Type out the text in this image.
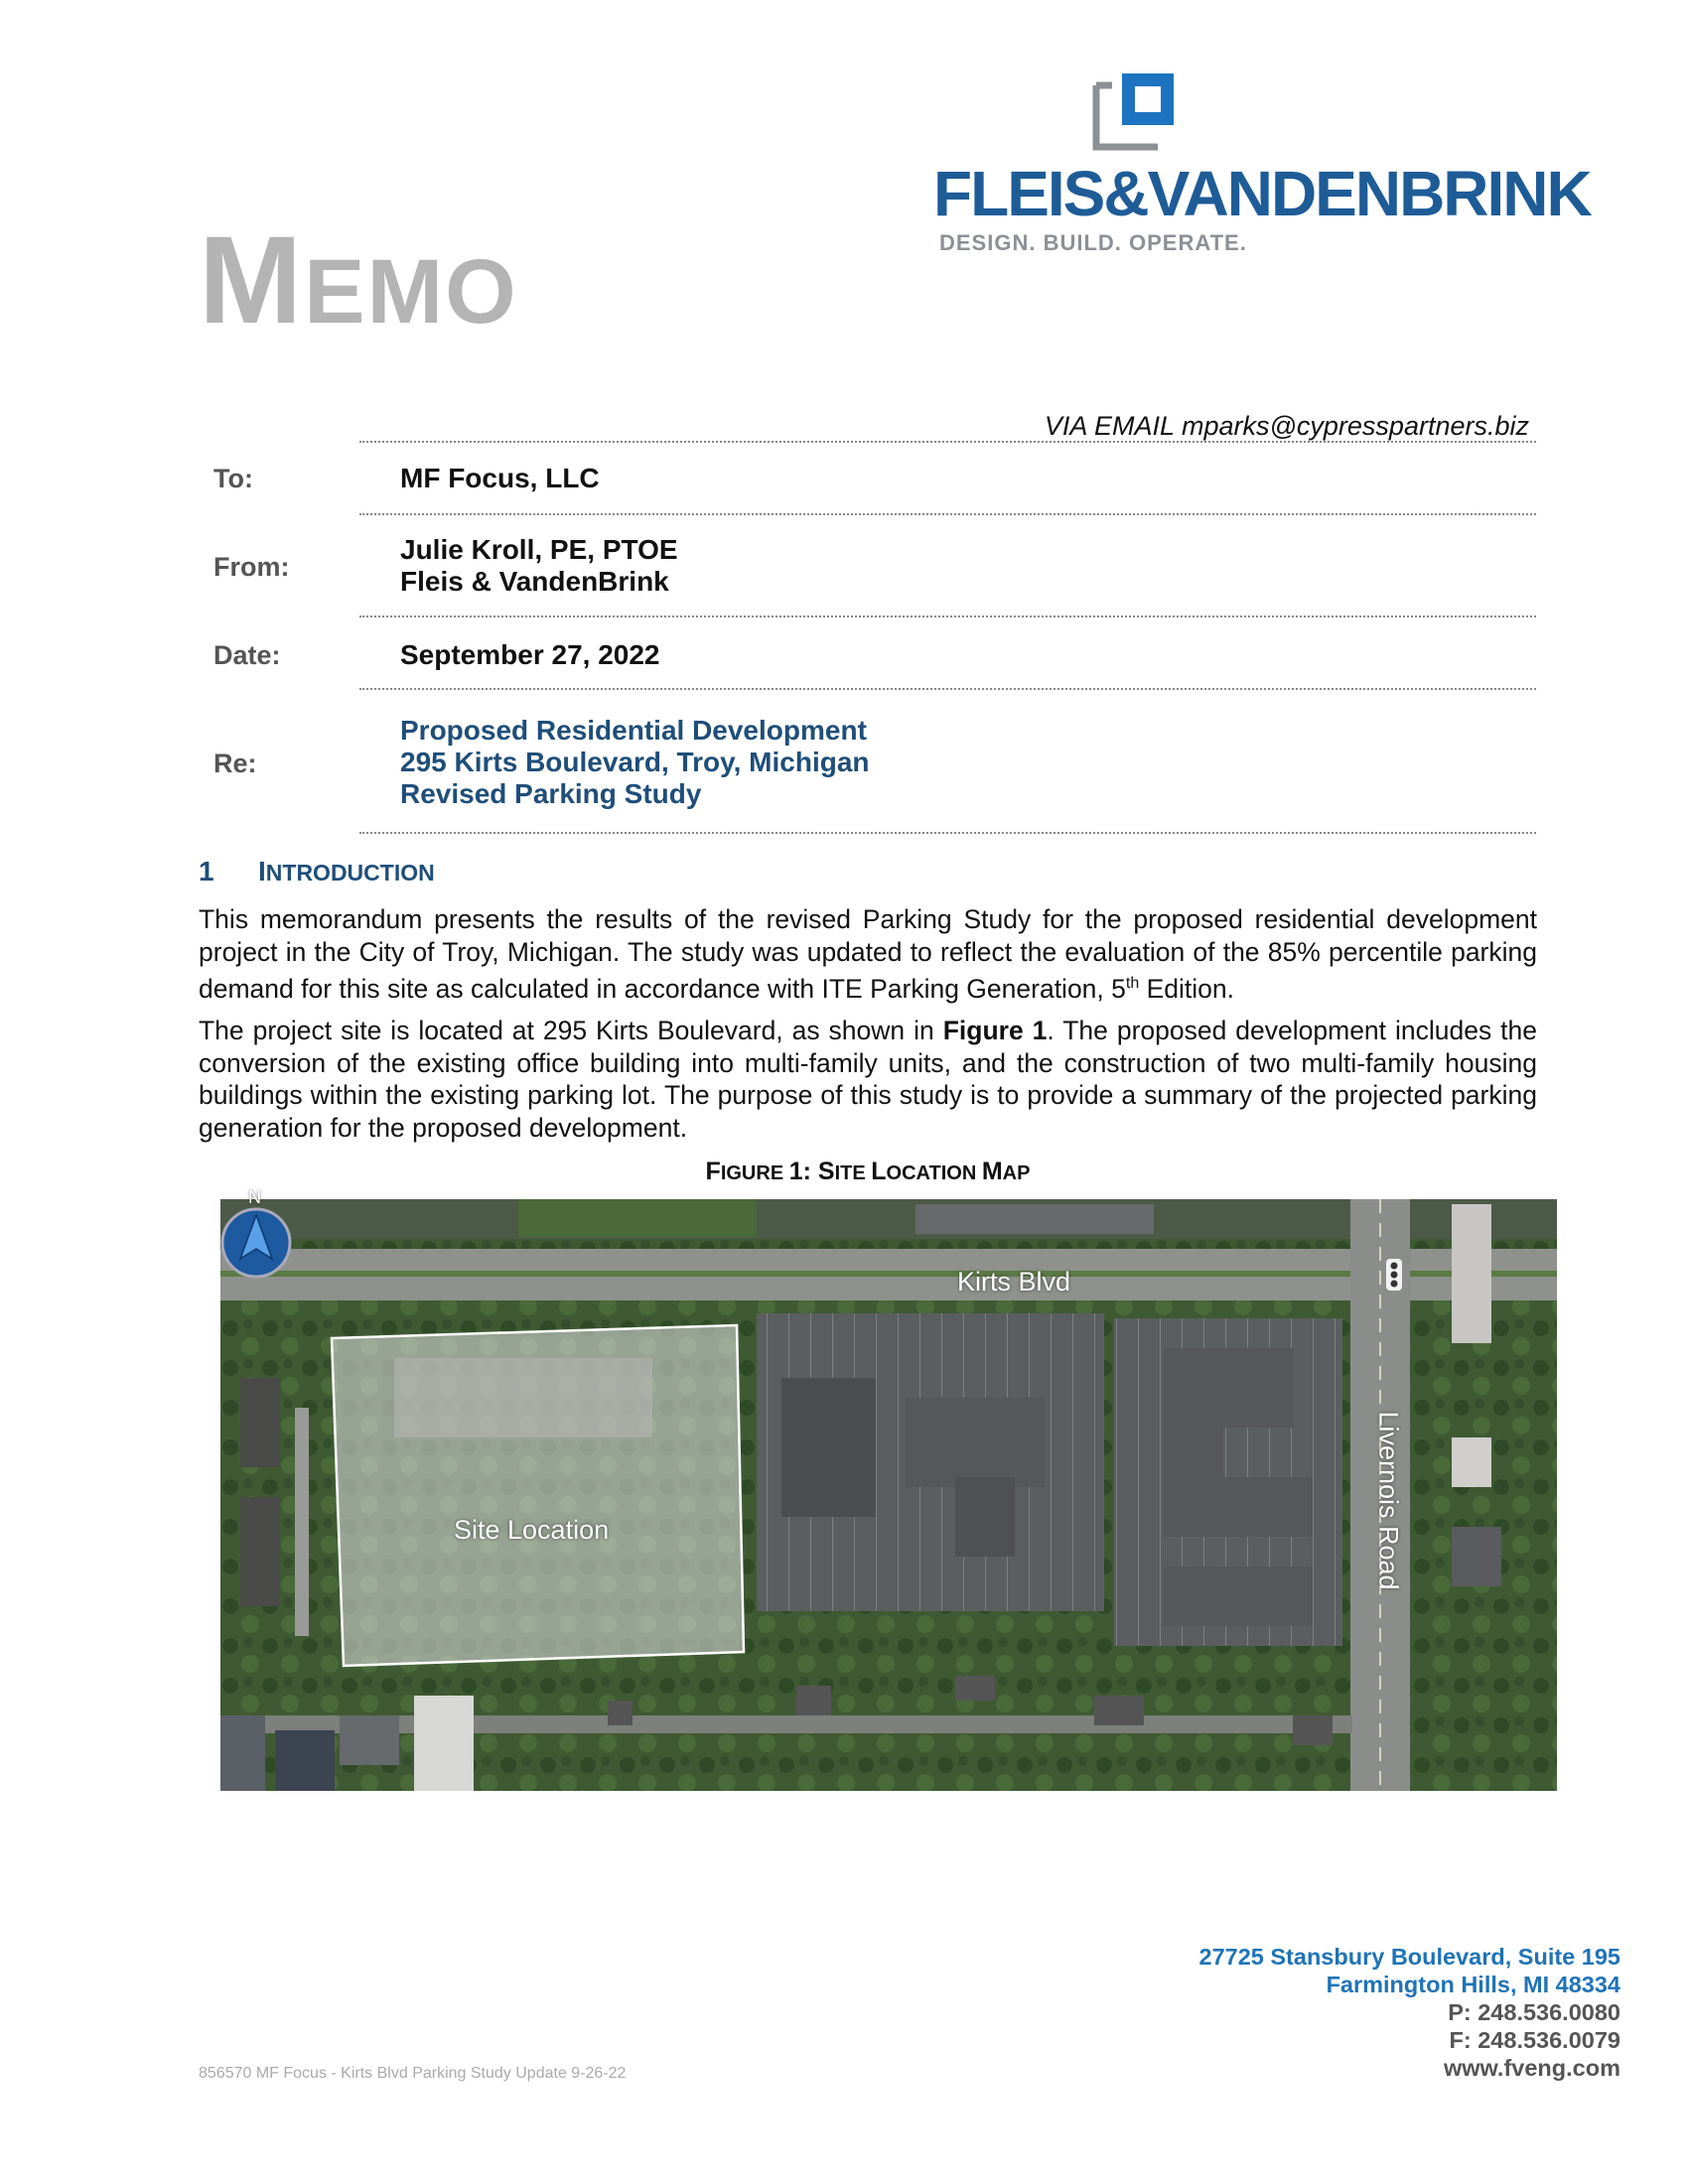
FLEIS&VANDENBRINK
DESIGN. BUILD. OPERATE.
MEMO
VIA EMAIL mparks@cypresspartners.biz
To:	MF Focus, LLC
From:
Julie Kroll, PE, PTOE
Fleis & VandenBrink
Date:	September 27, 2022
Re:
Proposed Residential Development
295 Kirts Boulevard, Troy, Michigan
Revised Parking Study
1 INTRODUCTION
This memorandum presents the results of the revised Parking Study for the proposed residential development project in the City of Troy, Michigan. The study was updated to reflect the evaluation of the 85% percentile parking demand for this site as calculated in accordance with ITE Parking Generation, 5th Edition.
The project site is located at 295 Kirts Boulevard, as shown in Figure 1. The proposed development includes the conversion of the existing office building into multi-family units, and the construction of two multi-family housing buildings within the existing parking lot. The purpose of this study is to provide a summary of the projected parking generation for the proposed development.
FIGURE 1: SITE LOCATION MAP
N
Kirts Blvd
Livernois Road
Site Location
27725 Stansbury Boulevard, Suite 195
Farmington Hills, MI 48334
P: 248.536.0080
F: 248.536.0079
www.fveng.com
856570 MF Focus - Kirts Blvd Parking Study Update 9-26-22
